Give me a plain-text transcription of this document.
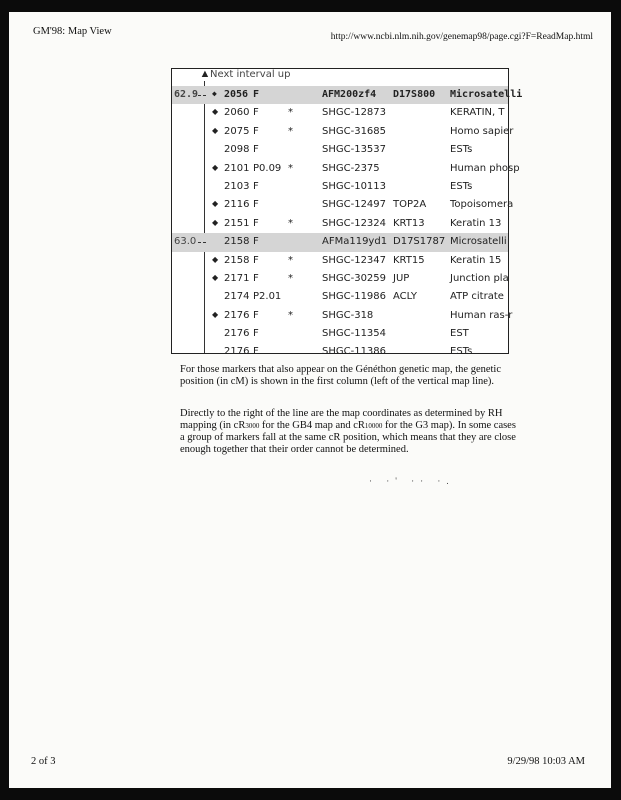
GM'98: Map View	http://www.ncbi.nlm.nih.gov/genemap98/page.cgi?F=ReadMap.html
▲ Next interval up
62.9 ◆ 2056 F	AFM200zf4 D17S800 Microsatelli
◆ 2060 F	*	SHGC-12873	KERATIN, T
◆ 2075 F	*	SHGC-31685	Homo sapier
2098 F	SHGC-13537	ESTs
◆ 2101 P0.09 *	SHGC-2375	Human phosp
2103 F	SHGC-10113	ESTs
◆ 2116 F	SHGC-12497 TOP2A Topoisomera
◆ 2151 F	*	SHGC-12324 KRT13	Keratin 13
63.0	2158 F	AFMa119yd1 D17S1787 Microsatelli
◆ 2158 F	*	SHGC-12347 KRT15	Keratin 15
◆ 2171 F	*	SHGC-30259 JUP	Junction pla
2174 P2.01	SHGC-11986 ACLY	ATP citrate
◆ 2176 F	*	SHGC-318	Human ras-r
2176 F	SHGC-11354	EST
2176 F	SHGC-11386	ESTs
For those markers that also appear on the Généthon genetic map, the genetic position (in cM) is shown in the first column (left of the vertical map line).
Directly to the right of the line are the map coordinates as determined by RH mapping (in cR3000 for the GB4 map and cR10000 for the G3 map). In some cases a group of markers fall at the same cR position, which means that they are close enough together that their order cannot be determined.
· ·' ·· ·.
2 of 3	9/29/98 10:03 AM
